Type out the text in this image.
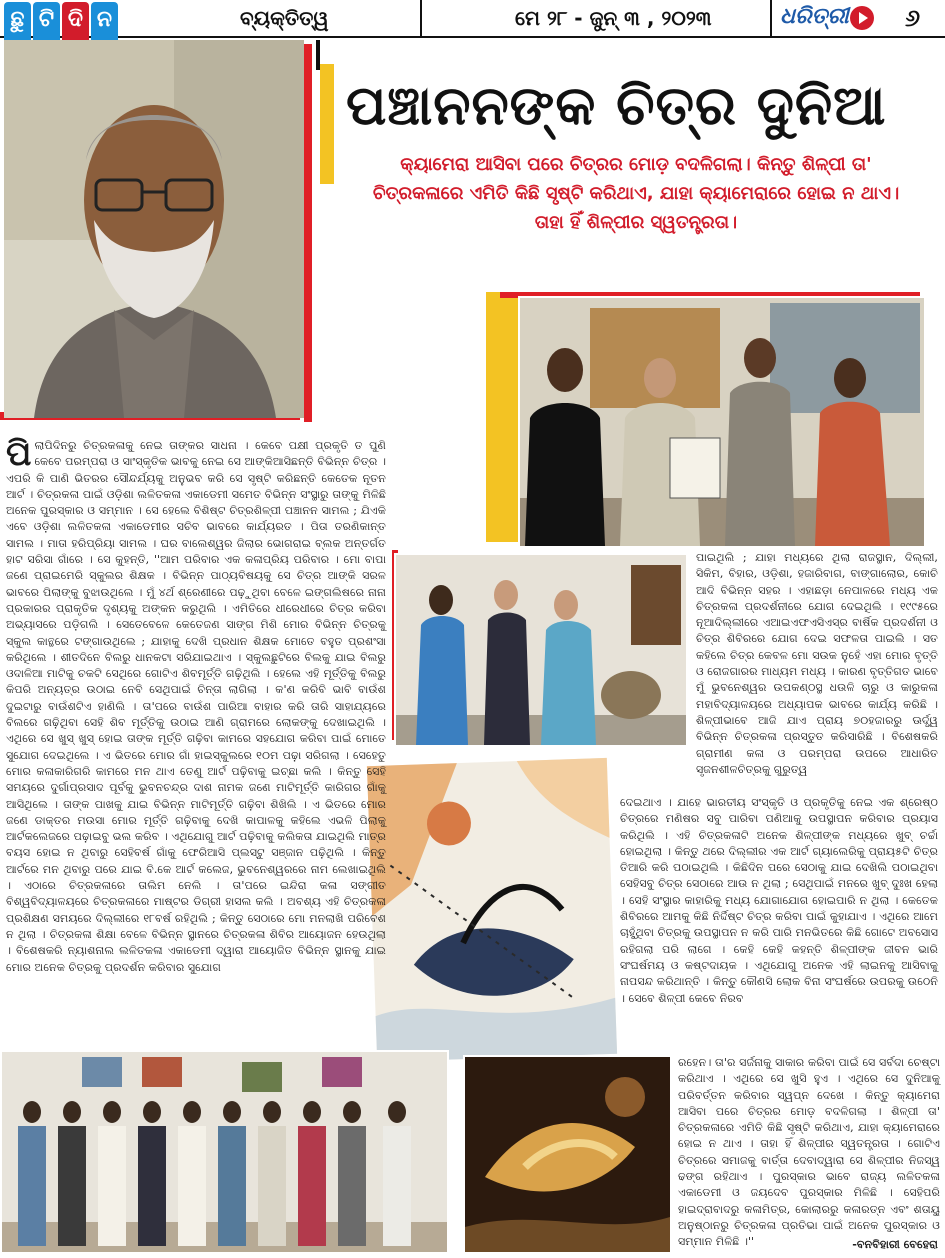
ଛୁ ଟି ଦି ନ	ବ୍ୟକ୍ତିତ୍ୱ	ମେ ୨୮ - ଜୁନ୍ ୩ , ୨୦୨୩	ଧରିତ୍ରୀ ୬
ପଞ୍ଚାନନଙ୍କ ଚିତ୍ର ଦୁନିଆ
କ୍ୟାମେରା ଆସିବା ପରେ ଚିତ୍ରର ମୋଡ଼ ବଦଳିଗଲା। କିନ୍ତୁ ଶିଳ୍ପୀ ତା' ଚିତ୍ରକଳାରେ ଏମିତି କିଛି ସୃଷ୍ଟି କରିଥାଏ, ଯାହା କ୍ୟାମେରାରେ ହୋଇ ନ ଥାଏ। ତାହା ହିଁ ଶିଳ୍ପୀର ସ୍ୱତନ୍ତ୍ରତା।
ପିଲାପିଦିନରୁ ଚିତ୍ରକଳାକୁ ନେଇ ତାଙ୍କର ସାଧନା । କେବେ ପକ୍ଷୀ ପ୍ରକୃତି ତ ପୁଣି କେବେ ପରମ୍ପରା ଓ ସାଂସ୍କୃତିକ ଭାବକୁ ନେଇ ସେ ଆଙ୍କିଆସିଛନ୍ତି ବିଭିନ୍ନ ଚିତ୍ର । ଏପରି କି ପାଣି ଭିତରର ସୌନ୍ଦର୍ଯ୍ୟକୁ ଅନୁଭବ କରି ସେ ସୃଷ୍ଟି କରିଛନ୍ତି କେତେକ ନୂତନ ଆର୍ଟ । ଚିତ୍ରକଳା ପାଇଁ ଓଡ଼ିଶା ଲଳିତକଳା ଏକାଡେମୀ ସମେତ ବିଭିନ୍ନ ସଂସ୍ଥାରୁ ତାଙ୍କୁ ମିଳିଛି ଅନେକ ପୁରସ୍କାର ଓ ସମ୍ମାନ । ସେ ହେଲେ ବିଶିଷ୍ଟ ଚିତ୍ରଶିଳ୍ପୀ ପଞ୍ଚାନନ ସାମଲ ; ଯିଏକି ଏବେ ଓଡ଼ିଶା ଲଳିତକଳା ଏକାଡେମୀର ସଚିବ ଭାବରେ କାର୍ଯ୍ୟରତ । ପିତା ତରଣିକାନ୍ତ ସାମଲ । ମାତା ହରିପ୍ରିୟା ସାମଲ । ଘର ବାଲେଶ୍ୱର ଜିଲାର ଭୋଗରାଇ ବ୍ଲକ ଅନ୍ତର୍ଗତ ହାଟ ସରିସା ଗାଁରେ । ସେ କୁହନ୍ତି, ''ଆମ ପରିବାର ଏକ କଳାପ୍ରିୟ ପରିବାର । ମୋ ବାପା ଜଣେ ପ୍ରାଇମେରି ସ୍କୁଲର ଶିକ୍ଷକ । ବିଭିନ୍ନ ପାଠ୍ୟବିଷୟକୁ ସେ ଚିତ୍ର ଆଙ୍କି ସରଳ ଭାବରେ ପିଲାଙ୍କୁ ବୁଝାଉଥିଲେ । ମୁଁ ୪ର୍ଥ ଶ୍ରେଣୀରେ ପଢ଼ୁଥିବା ବେଳେ ଇଙ୍ଗଲିଷରେ ନାନା ପ୍ରକାରର ପ୍ରାକୃତିକ ଦୃଶ୍ୟକୁ ଅଙ୍କନ କରୁଥିଲି । ଏମିତିରେ ଧୀରେଧୀରେ ଚିତ୍ର କରିବା ଅଭ୍ୟାସରେ ପଡ଼ିଗଲି । ସେତେବେଳେ କେତେଜଣ ସାଙ୍ଗ ମିଶି ମୋର ବିଭିନ୍ନ ଚିତ୍ରକୁ ସ୍କୁଲ କାନ୍ଥରେ ଟଙ୍ଗାଉଥିଲେ ; ଯାହାକୁ ଦେଖି ପ୍ରଧାନ ଶିକ୍ଷକ ମୋତେ ବହୁତ ପ୍ରଶଂସା କରିଥିଲେ । ଶୀତଦିନେ ବିଲରୁ ଧାନକଟା ସରିଯାଇଥାଏ । ସ୍କୁଲଛୁଟିରେ ବିଲକୁ ଯାଇ ବିଲରୁ ଓଦାଳିଆ ମାଟିକୁ ଚକଟି ସେଥିରେ ଗୋଟିଏ ଶିବମୂର୍ତ୍ତି ଗଢ଼ିଥିଲି । ହେଲେ ଏହି ମୂର୍ତ୍ତିକୁ ବିଲରୁ କିପରି ଅନ୍ୟତ୍ର ଉଠାଇ ନେବି ସେଥିପାଇଁ ଚିନ୍ତା ଲାଗିଲା । କ'ଣ କରିବି ଭାବି ବାଉଁଶ ଦୁଇଟାରୁ ବାଉଁଶଟିଏ ହାଣିଲି । ତା'ପରେ ବାଉଁଶ ପାରିଆ ବାହାର କରି ତାରି ସାହାଯ୍ୟରେ ବିଲରେ ଗଢ଼ିଥିବା ସେହି ଶିବ ମୂର୍ତ୍ତିକୁ ଉଠାଇ ଆଣି ଗ୍ରାମରେ ଲୋକଙ୍କୁ ଦେଖାଇଥିଲି । ଏଥିରେ ସେ ଖୁସ୍ ଖୁସ୍ ହୋଇ ତାଙ୍କ ମୂର୍ତ୍ତି ଗଢ଼ିବା କାମରେ ସହଯୋଗ କରିବା ପାଇଁ ମୋତେ ସୁଯୋଗ ଦେଇଥିଲେ । ଏ ଭିତରେ ମୋର ଗାଁ ହାଇସ୍କୁଲରେ ୧୦ମ ପଢ଼ା ସରିଗଲା । ସେହେତୁ ମୋର କଳାକାରିଗରି କାମରେ ମନ ଥାଏ ତେଣୁ ଆର୍ଟ ପଢ଼ିବାକୁ ଇଚ୍ଛା କଲି । କିନ୍ତୁ ସେହି ସମୟରେ ଦୁର୍ଗାପ୍ରସାଦ ପୂର୍ବକୁ ଭୁବନଚନ୍ଦ୍ର ଦାଶ ନାମକ ଜଣେ ମାଟିମୂର୍ତ୍ତି କାରିଗର ଗାଁକୁ ଆସିଥିଲେ । ତାଙ୍କ ପାଖକୁ ଯାଇ ବିଭିନ୍ନ ମାଟିମୂର୍ତ୍ତି ଗଢ଼ିବା ଶିଖିଲି । ଏ ଭିତରେ ମୋର ଜଣେ ଡାକ୍ତର ମଉସା ମୋର ମୂର୍ତ୍ତି ଗଢ଼ିବାକୁ ଦେଖି କାପାଳକୁ କହିଲେ ଏଭଳି ପିଲାକୁ ଆର୍ଟକଲେଜରେ ପଢ଼ାଇବୁ ଭଲ କରିବ । ଏଥିଯୋଗୁ ଆର୍ଟ ପଢ଼ିବାକୁ କଲିକତା ଯାଇଥିଲି ମାତ୍ର ବୟସ ହୋଇ ନ ଥିବାରୁ ସେହିବର୍ଷ ଗାଁକୁ ଫେରିଆସି ପ୍ଲସ୍ଟୁ ସଞ୍ଜାନ ପଢ଼ିଥିଲି । କିନ୍ତୁ ଆର୍ଟରେ ମନ ଥିବାରୁ ପରେ ଯାଇ ବି.କେ ଆର୍ଟ କଲେଜ, ଭୁବନେଶ୍ୱରରେ ନାମ ଲେଖାଇଥିଲି । ଏଠାରେ ଚିତ୍ରକଳାରେ ତାଲିମ ନେଲି । ତା'ପରେ ଇନ୍ଦିରା କଳା ସଙ୍ଗୀତ ବିଶ୍ୱବିଦ୍ୟାଳୟରେ ଚିତ୍ରକଳାରେ ମାଷ୍ଟର ଡିଗ୍ରୀ ହାସଲ କଲି । ଅବଶ୍ୟ ଏହି ଚିତ୍ରକଳା ପ୍ରଶିକ୍ଷଣ ସମୟରେ ଦିଲ୍ଲୀରେ ୧୮ବର୍ଷ ରହିଥିଲି ; କିନ୍ତୁ ସେଠାରେ ମୋ ମନଲାଖି ପରିବେଶ ନ ଥିଲା । ଚିତ୍ରକଳା ଶିକ୍ଷା ବେଳେ ବିଭିନ୍ନ ସ୍ଥାନରେ ଚିତ୍ରକଳା ଶିବିର ଆୟୋଜନ ହେଉଥିଲା । ବିଶେଷକରି ନ୍ୟାଶନାଲ ଲଳିତକଳା ଏକାଡେମୀ ଦ୍ୱାରା ଆୟୋଜିତ ବିଭିନ୍ନ ସ୍ଥାନକୁ ଯାଇ ମୋର ଅନେକ ଚିତ୍ରକୁ ପ୍ରଦର୍ଶନ କରିବାର ସୁଯୋଗ
ପାଇଥିଲି ; ଯାହା ମଧ୍ୟରେ ଥିଲା ରାଜସ୍ଥାନ, ଦିଲ୍ଲୀ, ସିକିମ, ବିହାର, ଓଡ଼ିଶା, ହଜାରିବାଗ, ବାଙ୍ଗାଲୋର, କୋଚି ଆଦି ବିଭିନ୍ନ ସହର । ଏହାଛଡ଼ା ନେପାଳରେ ମଧ୍ୟ ଏକ ଚିତ୍ରକଳା ପ୍ରଦର୍ଶନୀରେ ଯୋଗ ଦେଇଥିଲି । ୧୯୯୫ରେ ନୂଆଦିଲ୍ଲୀରେ ଏଆଇଏଫଏସିଏସ୍‌ର ବାର୍ଷିକ ପ୍ରଦର୍ଶନୀ ଓ ଚିତ୍ର ଶିବିରରେ ଯୋଗ ଦେଇ ସଫଳତା ପାଇଲି । ସତ କହିଲେ ଚିତ୍ର କେବଳ ମୋ ସଉକ ନୁହେଁ ଏହା ମୋର ବୃତ୍ତି ଓ ରୋଜଗାରର ମାଧ୍ୟମ ମଧ୍ୟ । କାରଣ ବୃତ୍ତିଗତ ଭାବେ ମୁଁ ଭୁବନେଶ୍ୱର ଉପକଣ୍ଠସ୍ଥ ଧଉଳି ଚାରୁ ଓ କାରୁକଳା ମହାବିଦ୍ୟାଳୟରେ ଅଧ୍ୟାପକ ଭାବରେ କାର୍ଯ୍ୟ କରିଛି । ଶିଳ୍ପୀଭାବେ ଆଜି ଯାଏ ପ୍ରାୟ ୭୦ହଜାରରୁ ଊର୍ଦ୍ଧ୍ୱ ବିଭିନ୍ନ ଚିତ୍ରକଳା ପ୍ରସ୍ତୁତ କରିସାରିଛି । ବିଶେଷକରି ଗ୍ରାମୀଣ କଳା ଓ ପରମ୍ପରା ଉପରେ ଆଧାରିତ ସୃଜନଶୀଳଚିତ୍ରକୁ ଗୁରୁତ୍ୱ
ଦେଇଥାଏ । ଯାହେ ଭାରତୀୟ ସଂସ୍କୃତି ଓ ପ୍ରକୃତିକୁ ନେଇ ଏକ ଶ୍ରେଷ୍ଠ ଚିତ୍ରରେ ମଣିଷର ସବୁ ପାରିବା ପଣିଆକୁ ଉପସ୍ଥାପନ କରିବାର ପ୍ରୟାସ କରିଥିଲି । ଏହି ଚିତ୍ରକଳାଟି ଅନେକ ଶିଳ୍ପୀଙ୍କ ମଧ୍ୟରେ ଖୁବ୍ ଚର୍ଚ୍ଚା ହୋଇଥିଲା । କିନ୍ତୁ ଥରେ ଦିଲ୍ଲୀର ଏକ ଆର୍ଟ ଗ୍ୟାଲେରିକୁ ପ୍ରାୟ୫ଟି ଚିତ୍ର ତିଆରି କରି ପଠାଇଥିଲି । କିଛିଦିନ ପରେ ସେଠାକୁ ଯାଇ ଦେଖିଲି ପଠାଇଥିବା ସେହିସବୁ ଚିତ୍ର ସେଠାରେ ଆଉ ନ ଥିଲା ; ସେଥିପାଇଁ ମନରେ ଖୁବ୍ ଦୁଃଖ ହେଲା । ସେହି ସଂସ୍ଥାର କାହାରିକୁ ମଧ୍ୟ ଯୋଗାଯୋଗ ହୋଇପାରି ନ ଥିଲା । କେତେକ ଶିବିରରେ ଆମକୁ କିଛି ନିର୍ଦ୍ଦିଷ୍ଟ ଚିତ୍ର କରିବା ପାଇଁ କୁହାଯାଏ । ଏଥିରେ ଆମେ ଚାହୁଁଥିବା ଚିତ୍ରକୁ ଉପସ୍ଥାପନ ନ କରି ପାରି ମନଭିତରେ କିଛି ଗୋଟେ ଅବସୋସ ରହିଗଲା ପରି ଲାଗେ । କେହି କେହି କହନ୍ତି ଶିଳ୍ପୀଙ୍କ ଜୀବନ ଭାରି ସଂଘର୍ଷମୟ ଓ କଷ୍ଟଦାୟକ । ଏଥିଯୋଗୁ ଅନେକ ଏହି ଲାଇନକୁ ଆସିବାକୁ ନାପସନ୍ଦ କରିଥାନ୍ତି । କିନ୍ତୁ କୌଣସି ଲୋକ ବିନା ସଂଘର୍ଷରେ ଉପରକୁ ଉଠେନି । ସେବେ ଶିଳ୍ପୀ କେବେ ନିରବ
ରହେନ। ତା'ର ସର୍ଜନାକୁ ସାକାର କରିବା ପାଇଁ ସେ ସର୍ବଦା ଚେଷ୍ଟା କରିଥାଏ । ଏଥିରେ ସେ ଖୁସି ହୁଏ । ଏଥିରେ ସେ ଦୁନିଆକୁ ପରିବର୍ତ୍ତନ କରିବାର ସ୍ୱପ୍ନ ଦେଖେ । କିନ୍ତୁ କ୍ୟାମେରା ଆସିବା ପରେ ଚିତ୍ରର ମୋଡ଼ ବଦଳିଗଲା । ଶିଳ୍ପୀ ତା' ଚିତ୍ରକଳାରେ ଏମିତି କିଛି ସୃଷ୍ଟି କରିଥାଏ, ଯାହା କ୍ୟାମେରାରେ ହୋଇ ନ ଥାଏ । ତାହା ହିଁ ଶିଳ୍ପୀର ସ୍ୱତନ୍ତ୍ରତା । ଗୋଟିଏ ଚିତ୍ରରେ ସମାଜକୁ ବାର୍ତ୍ତା ଦେବାଦ୍ୱାରା ସେ ଶିଳ୍ପୀର ନିଜସ୍ୱ ଢଙ୍ଗ ରହିଥାଏ । ପୁରସ୍କାର ଭାବେ ରାଜ୍ୟ ଲଳିତକଳା ଏକାଡେମୀ ଓ ଜୟଦେବ ପୁରସ୍କାର ମିଳିଛି । ସେହିପରି ହାଇଦ୍ରାବାଦରୁ କଳାମିତ୍ର, କୋଲାରରୁ କଳାରତ୍ନ ଏବଂ ଶତାୟୁ ଅନୁଷ୍ଠାନରୁ ଚିତ୍ରକଳା ପ୍ରତିଭା ପାଇଁ ଅନେକ ପୁରସ୍କାର ଓ ସମ୍ମାନ ମିଳିଛି ।''	-ବନବିହାରୀ ବେହେରା
